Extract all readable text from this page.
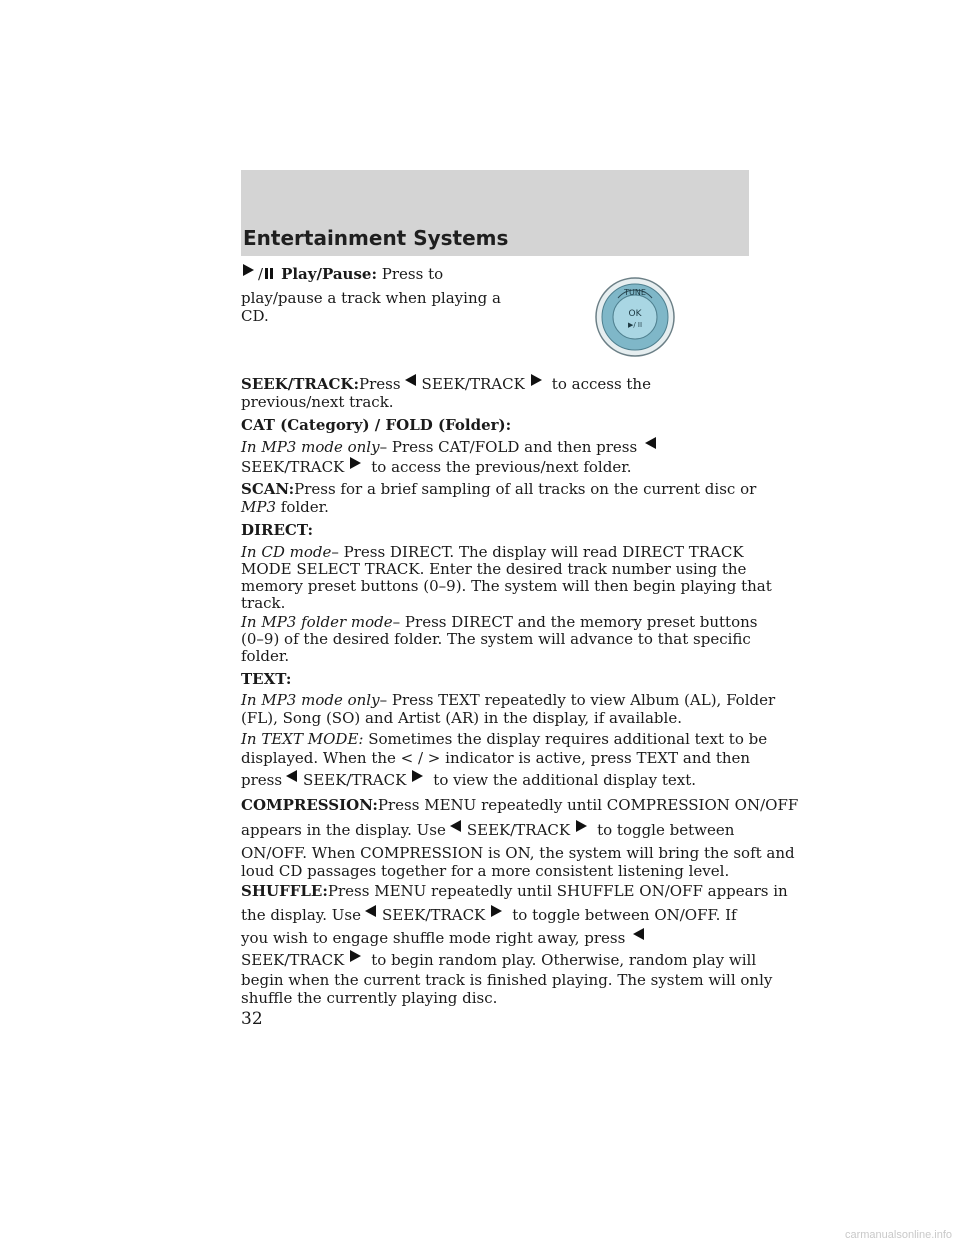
Entertainment Systems
/ Play/Pause: Press to
play/pause a track when playing a
CD.
TUNE
OK
▶/ II
SEEK/TRACK:Press SEEK/TRACK to access the
previous/next track.
CAT (Category) / FOLD (Folder):
In MP3 mode only– Press CAT/FOLD and then press
SEEK/TRACK to access the previous/next folder.
SCAN:Press for a brief sampling of all tracks on the current disc or
MP3 folder.
DIRECT:
In CD mode– Press DIRECT. The display will read DIRECT TRACK
MODE SELECT TRACK. Enter the desired track number using the
memory preset buttons (0–9). The system will then begin playing that
track.
In MP3 folder mode– Press DIRECT and the memory preset buttons
(0–9) of the desired folder. The system will advance to that specific
folder.
TEXT:
In MP3 mode only– Press TEXT repeatedly to view Album (AL), Folder
(FL), Song (SO) and Artist (AR) in the display, if available.
In TEXT MODE: Sometimes the display requires additional text to be
displayed. When the < / > indicator is active, press TEXT and then
press SEEK/TRACK to view the additional display text.
COMPRESSION:Press MENU repeatedly until COMPRESSION ON/OFF
appears in the display. Use SEEK/TRACK to toggle between
ON/OFF. When COMPRESSION is ON, the system will bring the soft and
loud CD passages together for a more consistent listening level.
SHUFFLE:Press MENU repeatedly until SHUFFLE ON/OFF appears in
the display. Use SEEK/TRACK to toggle between ON/OFF. If
you wish to engage shuffle mode right away, press
SEEK/TRACK to begin random play. Otherwise, random play will
begin when the current track is finished playing. The system will only
shuffle the currently playing disc.
32
carmanualsonline.info
